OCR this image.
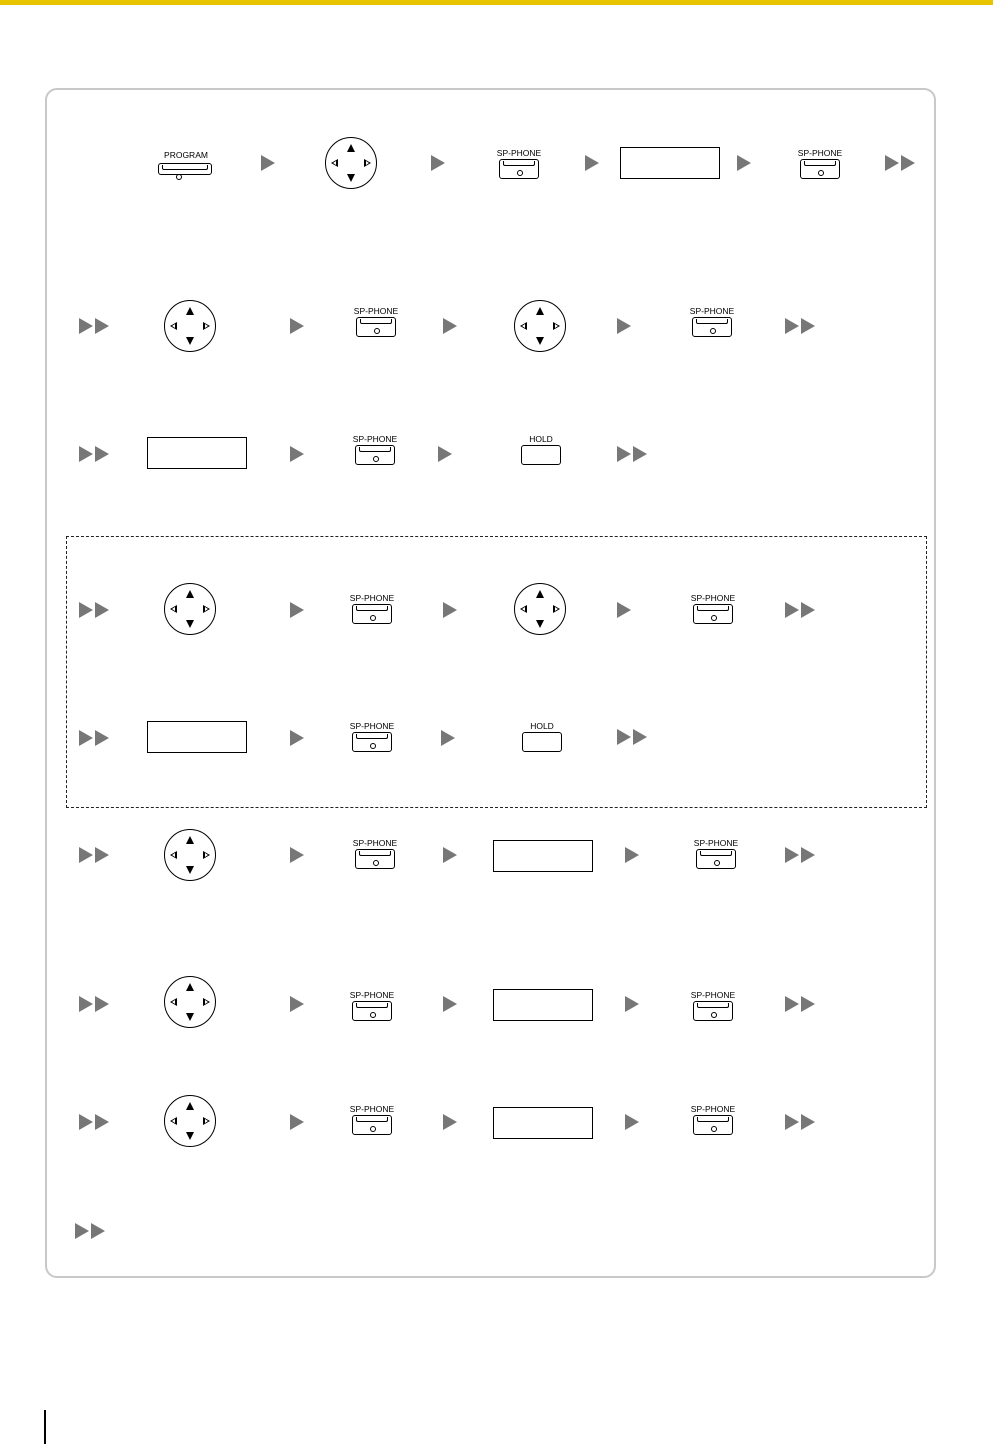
PROGRAM	SP-PHONE	SP-PHONE
SP-PHONE	SP-PHONE
SP-PHONE	HOLD
SP-PHONE	SP-PHONE
SP-PHONE	HOLD
SP-PHONE	SP-PHONE
SP-PHONE	SP-PHONE
SP-PHONE	SP-PHONE
